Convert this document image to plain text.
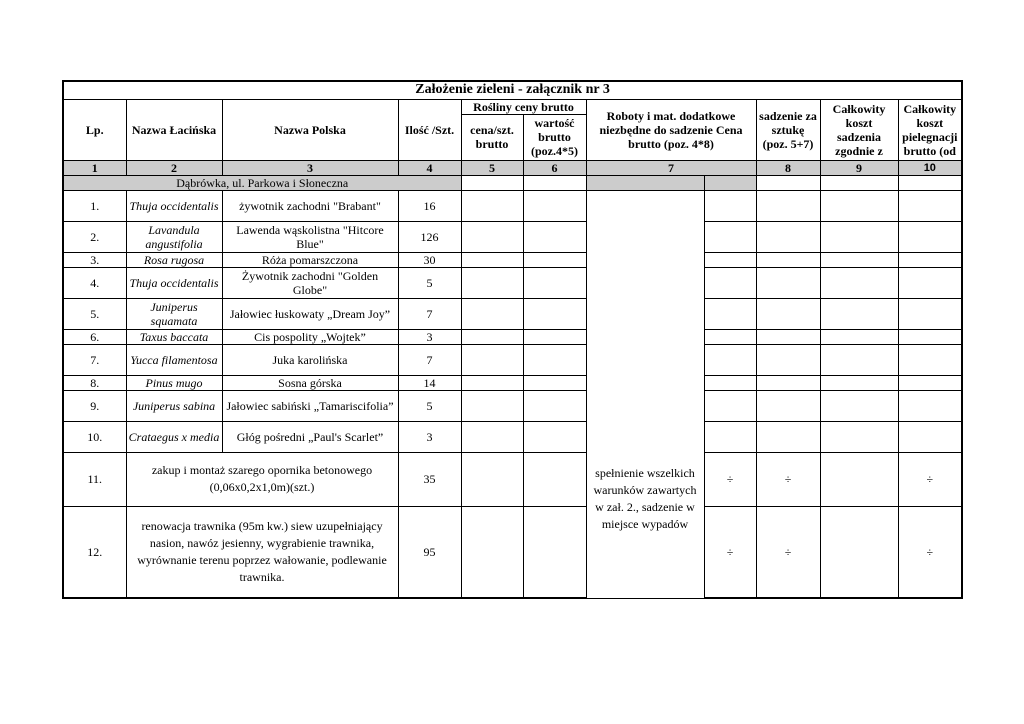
Założenie zieleni - załącznik nr 3										
Lp.	Nazwa Łacińska	Nazwa Polska	Ilość /Szt.	Rośliny ceny brutto		Roboty i mat. dodatkowe niezbędne do sadzenie Cena brutto (poz. 4*8)		sadzenie za sztukę (poz. 5+7)	Całkowity koszt sadzenia zgodnie z	Całkowity koszt pielegnacji brutto (od
				cena/szt. brutto	wartość brutto (poz.4*5)					

1	2	3	4	5	6	7		8	9	10
Dąbrówka, ul. Parkowa i Słoneczna										
1.	Thuja occidentalis	żywotnik zachodni "Brabant"	16			spełnienie wszelkich warunków zawartych w zał. 2., sadzenie w miejsce wypadów				
2.	Lavandula angustifolia	Lawenda wąskolistna "Hitcore Blue"	126							
3.	Rosa rugosa	Róża pomarszczona	30							
4.	Thuja occidentalis	Żywotnik zachodni "Golden Globe"	5							
5.	Juniperus squamata	Jałowiec łuskowaty „Dream Joy”	7							
6.	Taxus baccata	Cis pospolity „Wojtek”	3							
7.	Yucca filamentosa	Juka karolińska	7							
8.	Pinus mugo	Sosna górska	14							
9.	Juniperus sabina	Jałowiec sabiński „Tamariscifolia”	5							
10.	Crataegus x media	Głóg pośredni „Paul's Scarlet”	3							
11.	zakup i montaż szarego opornika betonowego (0,06x0,2x1,0m)(szt.)		35				÷	÷		÷
12.	renowacja trawnika (95m kw.) siew uzupełniający nasion, nawóz jesienny, wygrabienie trawnika, wyrównanie terenu poprzez wałowanie, podlewanie trawnika.		95				÷	÷		÷
